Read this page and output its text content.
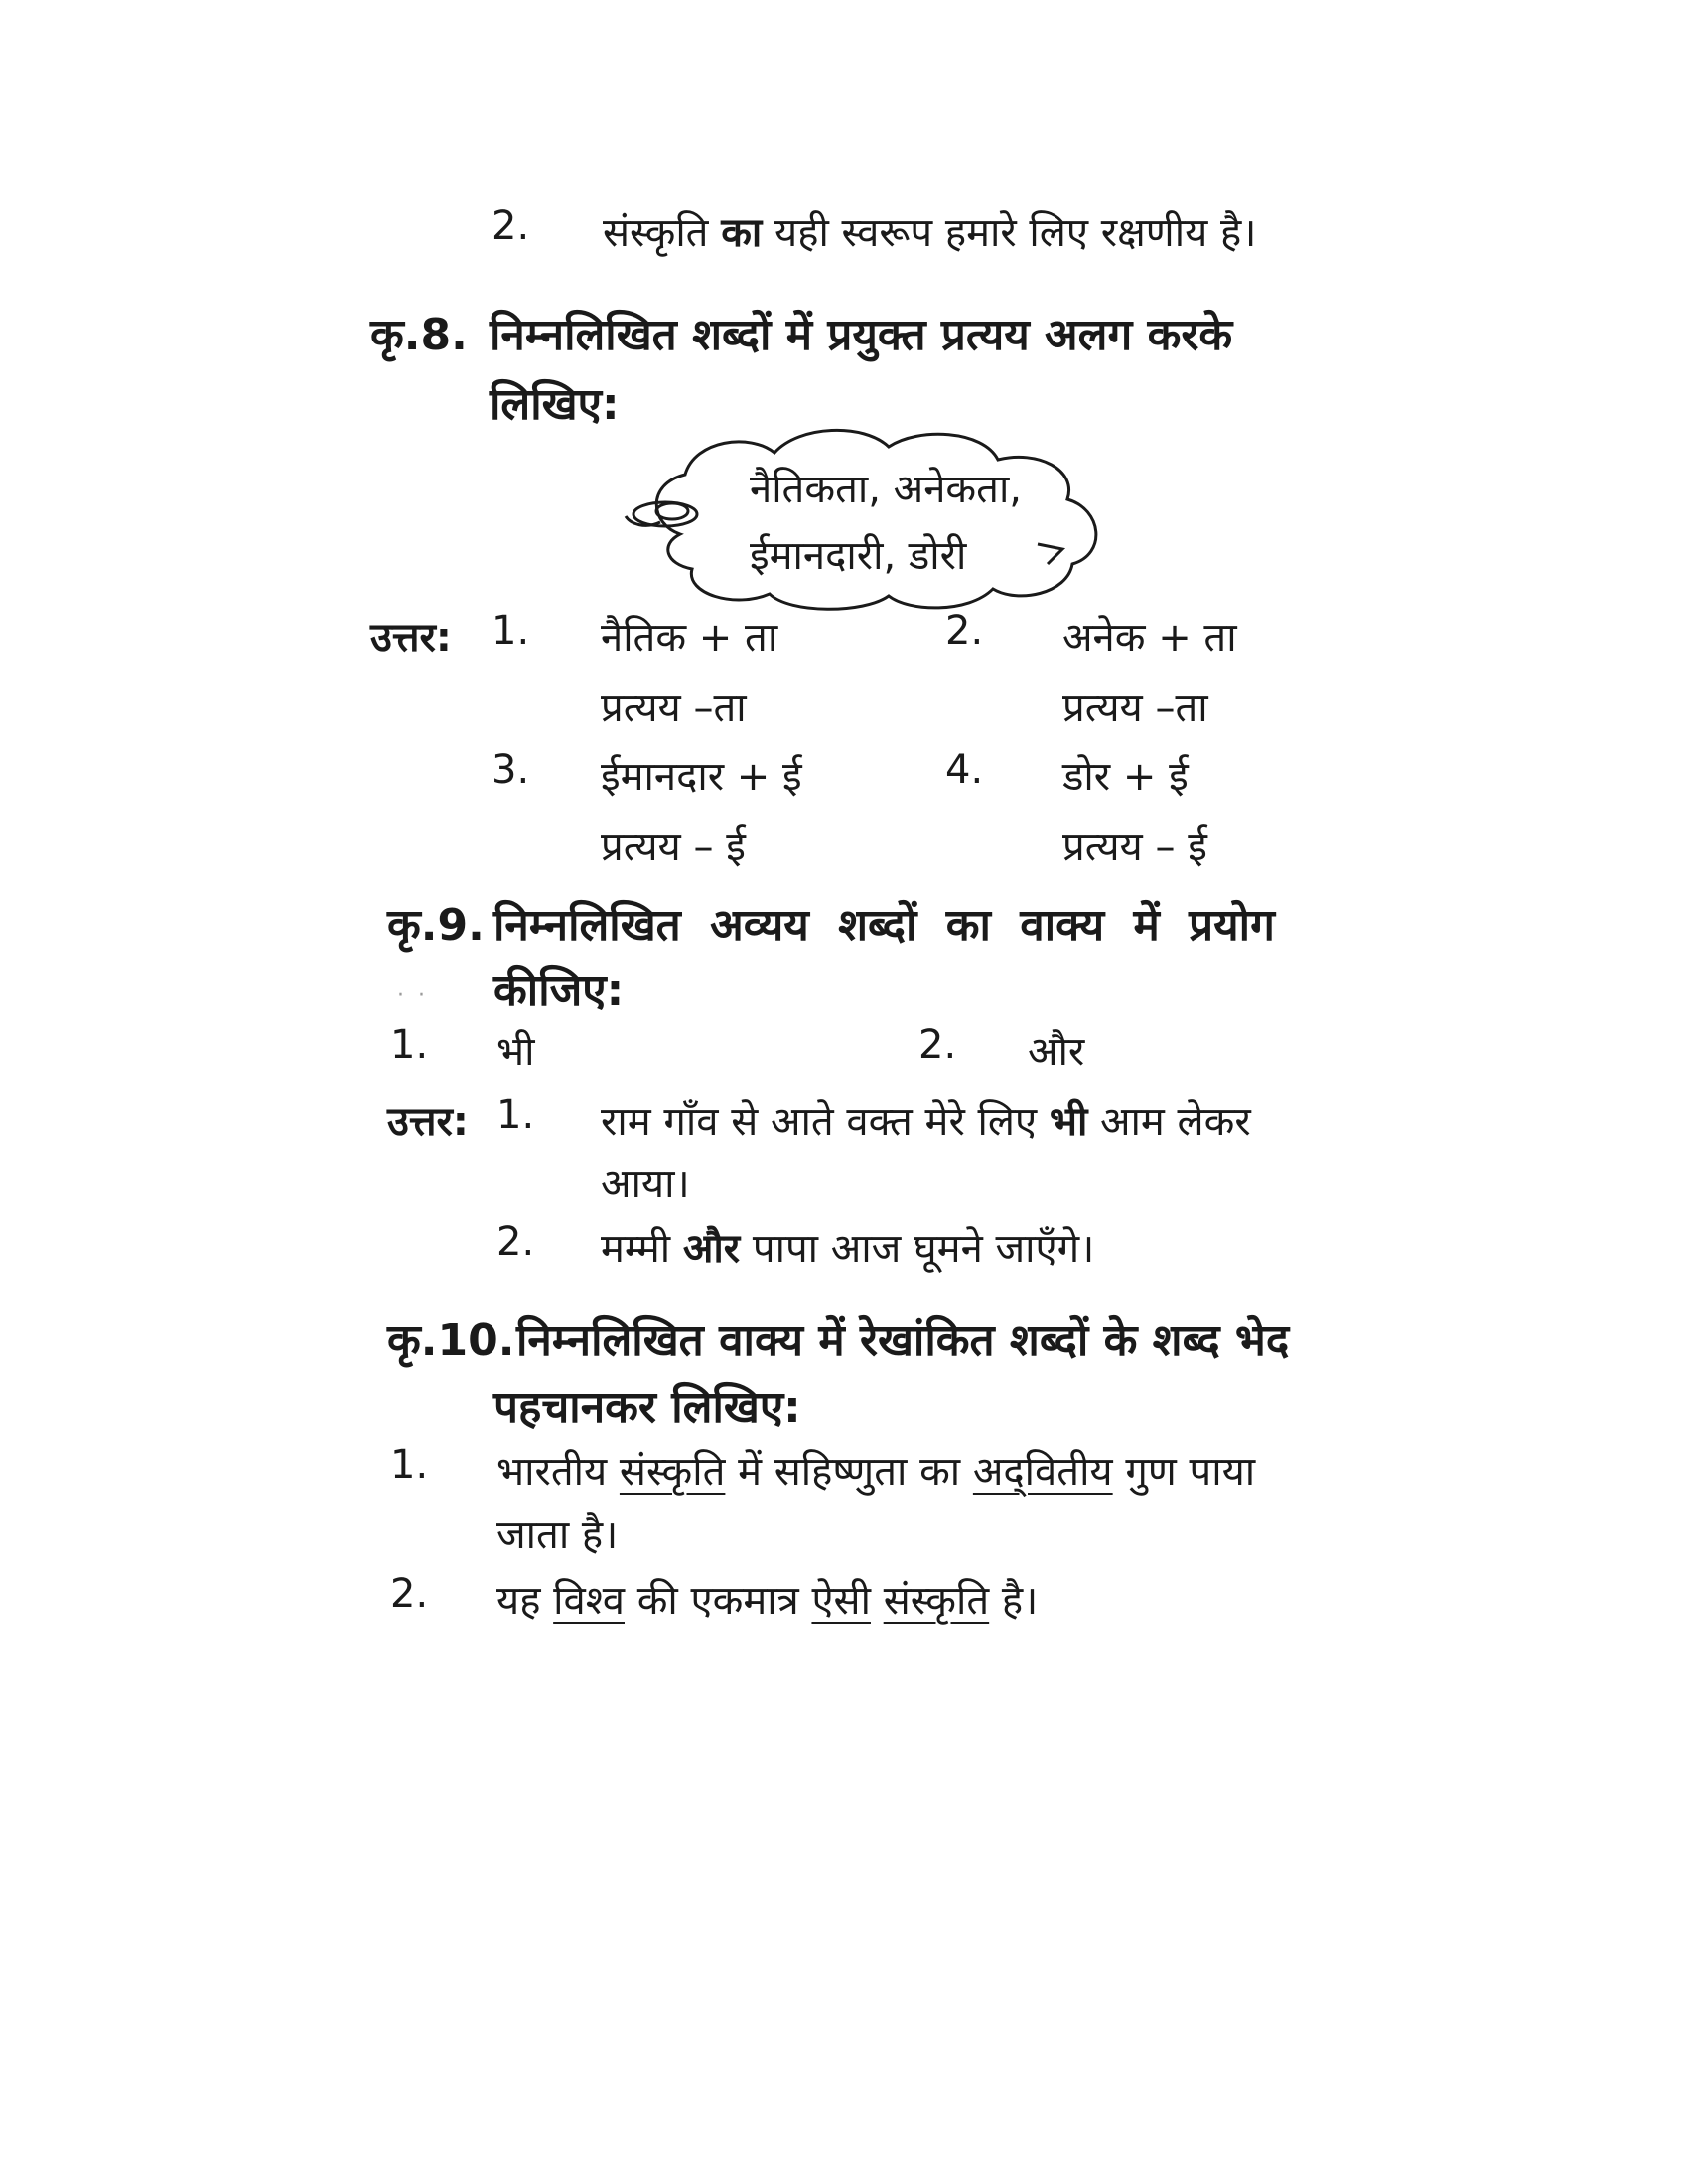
2. संस्कृति का यही स्वरूप हमारे लिए रक्षणीय है।
कृ.8. निम्नलिखित शब्दों में प्रयुक्त प्रत्यय अलग करके
लिखिए:
नैतिकता, अनेकता,
ईमानदारी, डोरी
उत्तर: 1. नैतिक + ता
प्रत्यय –ता
2. अनेक + ता
प्रत्यय –ता
3. ईमानदार + ई
प्रत्यय – ई
4. डोर + ई
प्रत्यय – ई
कृ.9. निम्नलिखित अव्यय शब्दों का वाक्य में प्रयोग
कीजिए:
·  ·
1. भी	2. और
उत्तर: 1. राम गाँव से आते वक्त मेरे लिए भी आम लेकर
आया।
2. मम्मी और पापा आज घूमने जाएँगे।
कृ.10. निम्नलिखित वाक्य में रेखांकित शब्दों के शब्द भेद
पहचानकर लिखिए:
1. भारतीय संस्कृति में सहिष्णुता का अद्‌वितीय गुण पाया
जाता है।
2. यह विश्व की एकमात्र ऐसी संस्कृति है।
